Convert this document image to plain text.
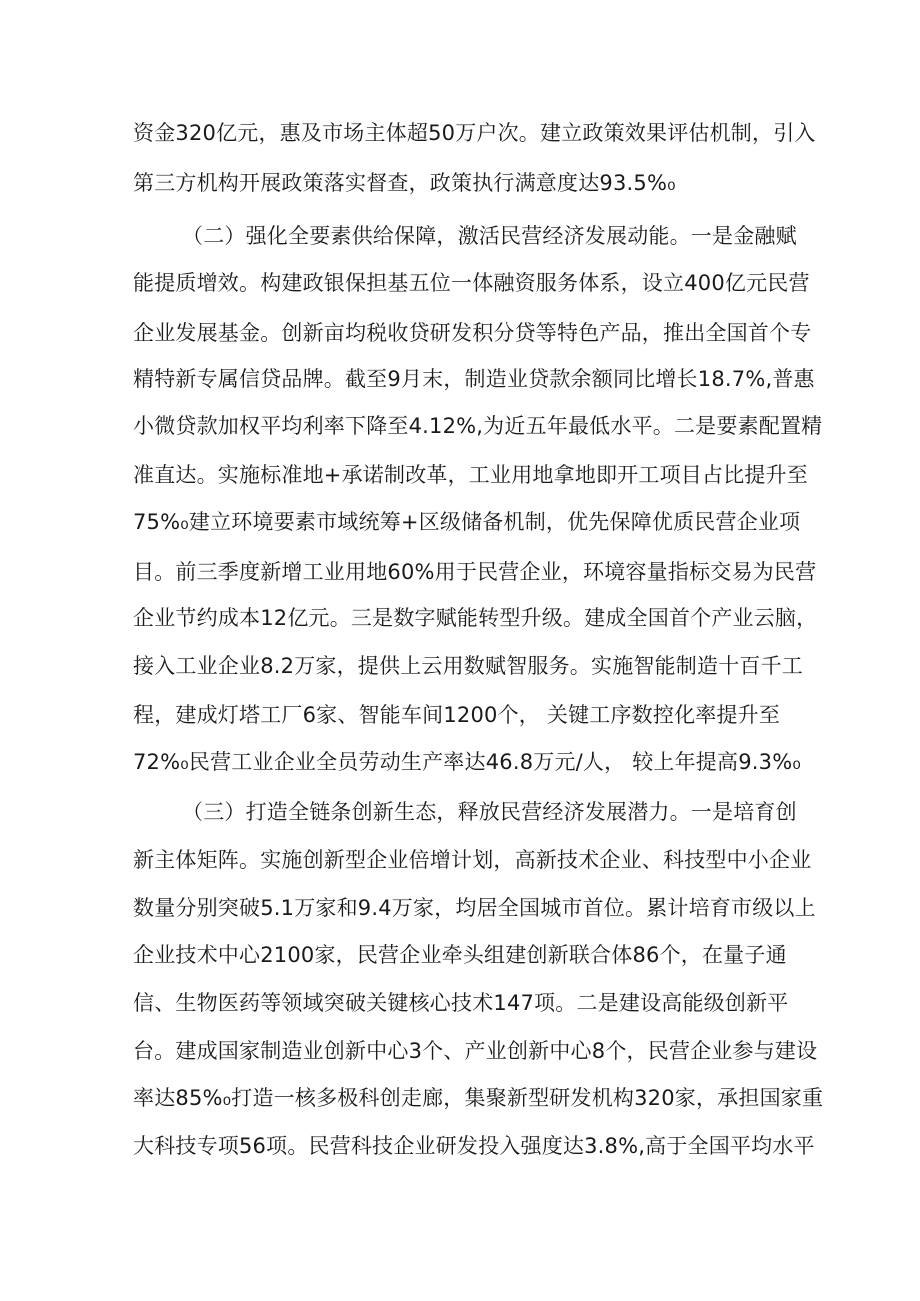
资金320亿元，惠及市场主体超50万户次。建立政策效果评估机制，引入
第三方机构开展政策落实督查，政策执行满意度达93.5%₀
（二）强化全要素供给保障，激活民营经济发展动能。一是金融赋
能提质增效。构建政银保担基五位一体融资服务体系，设立400亿元民营
企业发展基金。创新亩均税收贷研发积分贷等特色产品，推出全国首个专
精特新专属信贷品牌。截至9月末，制造业贷款余额同比增长18.7%,普惠
小微贷款加权平均利率下降至4.12%,为近五年最低水平。二是要素配置精
准直达。实施标准地+承诺制改革，工业用地拿地即开工项目占比提升至
75%₀建立环境要素市域统筹+区级储备机制，优先保障优质民营企业项
目。前三季度新增工业用地60%用于民营企业，环境容量指标交易为民营
企业节约成本12亿元。三是数字赋能转型升级。建成全国首个产业云脑，
接入工业企业8.2万家，提供上云用数赋智服务。实施智能制造十百千工
程，建成灯塔工厂6家、智能车间1200个， 关键工序数控化率提升至
72%₀民营工业企业全员劳动生产率达46.8万元/人， 较上年提高9.3%₀
（三）打造全链条创新生态，释放民营经济发展潜力。一是培育创
新主体矩阵。实施创新型企业倍增计划，高新技术企业、科技型中小企业
数量分别突破5.1万家和9.4万家，均居全国城市首位。累计培育市级以上
企业技术中心2100家，民营企业牵头组建创新联合体86个，在量子通
信、生物医药等领域突破关键核心技术147项。二是建设高能级创新平
台。建成国家制造业创新中心3个、产业创新中心8个，民营企业参与建设
率达85%₀打造一核多极科创走廊，集聚新型研发机构320家，承担国家重
大科技专项56项。民营科技企业研发投入强度达3.8%,高于全国平均水平
